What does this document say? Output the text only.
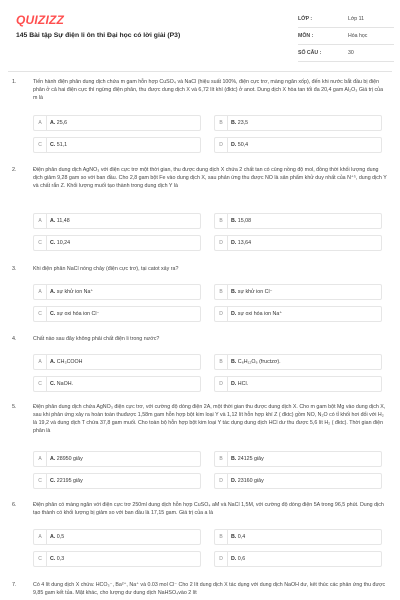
QUIZIZZ
145 Bài tập Sự điện li ôn thi Đại học có lời giải (P3)
LỚP :	Lớp 11
MÔN :	Hóa học
SỐ CÂU :	30
1.	Tiến hành điện phân dung dịch chứa m gam hỗn hợp CuSO₄ và NaCl (hiệu suất 100%, điện cực trơ, màng ngăn xốp), đến khi nước bắt đầu bị điện phân ở cả hai điện cực thì ngừng điện phân, thu được dung dịch X và 6,72 lít khí (đktc) ở anot. Dung dịch X hòa tan tối đa 20,4 gam Al₂O₃ Giá trị của m là
A	A. 25,6	B	B. 23,5
C	C. 51,1	D	D. 50,4
2.	Điện phân dung dịch AgNO₃ với điện cực trơ một thời gian, thu được dung dịch X chứa 2 chất tan có cùng nồng độ mol, đồng thời khối lượng dung dịch giảm 9,28 gam so với ban đầu. Cho 2,8 gam bột Fe vào dung dịch X, sau phản ứng thu được NO là sản phẩm khử duy nhất của N⁺⁵, dung dịch Y và chất rắn Z. Khối lượng muối tạo thành trong dung dịch Y là
A	A. 11,48	B	B. 15,08
C	C. 10,24	D	D. 13,64
3.	Khi điện phân NaCl nóng chảy (điện cực trơ), tại catot xảy ra?
A	A. sự khử ion Na⁺	B	B. sự khử ion Cl⁻
C	C. sự oxi hóa ion Cl⁻	D	D. sự oxi hóa ion Na⁺
4.	Chất nào sau đây không phải chất điện li trong nước?
A	A. CH₃COOH	B	B. C₆H₁₂O₆ (fructzơ).
C	C. NaOH.	D	D. HCl.
5.	Điện phân dung dịch chứa AgNO₃ điện cực trơ, với cường độ dòng điện 2A, một thời gian thu được dung dịch X. Cho m gam bột Mg vào dung dịch X, sau khi phản ứng xảy ra hoàn toàn thuđược 1,58m gam hỗn hợp bột kim loại Y và 1,12 lít hỗn hợp khí Z ( đktc) gồm NO, N₂O có tỉ khối hơi đối với H₂ là 19,2 và dung dịch T chứa 37,8 gam muối. Cho toàn bộ hỗn hợp bột kim loại Y tác dụng dung dịch HCl dư thu được 5,6 lít H₂ ( đktc). Thời gian điện phân là
A	A. 28950 giây	B	B. 24125 giây
C	C. 22195 giây	D	D. 23160 giây
6.	Điện phân có màng ngăn với điện cực trơ 250ml dung dịch hỗn hợp CuSO₄ aM và NaCl 1,5M, với cường độ dòng điện 5A trong 96,5 phút. Dung dịch tạo thành có khối lượng bị giảm so với ban đầu là 17,15 gam. Giá trị của a là
A	A. 0,5	B	B. 0,4
C	C. 0,3	D	D. 0,6
7.	Có 4 lít dung dịch X chứa: HCO₃⁻, Ba²⁺, Na⁺ và 0.03 mol Cl⁻ Cho 2 lít dung dịch X tác dụng với dung dịch NaOH dư, kết thúc các phản ứng thu được 9,85 gam kết tủa. Mặt khác, cho lượng dư dung dịch NaHSO₄vào 2 lít
